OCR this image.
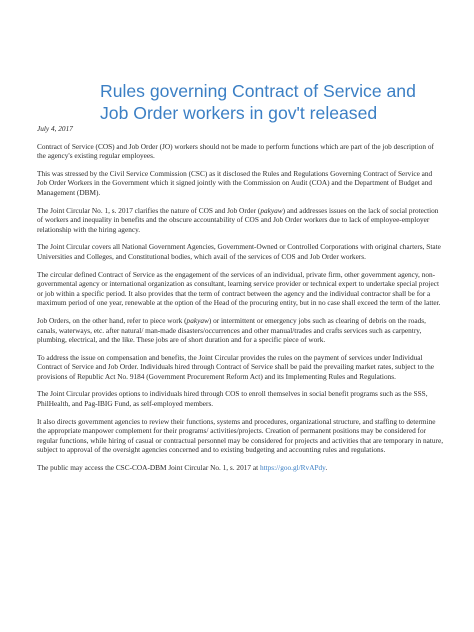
Rules governing Contract of Service and Job Order workers in gov't released

July 4, 2017

Contract of Service (COS) and Job Order (JO) workers should not be made to perform functions which are part of the job description of the agency's existing regular employees.

This was stressed by the Civil Service Commission (CSC) as it disclosed the Rules and Regulations Governing Contract of Service and Job Order Workers in the Government which it signed jointly with the Commission on Audit (COA) and the Department of Budget and Management (DBM).

The Joint Circular No. 1, s. 2017 clarifies the nature of COS and Job Order (pakyaw) and addresses issues on the lack of social protection of workers and inequality in benefits and the obscure accountability of COS and Job Order workers due to lack of employee-employer relationship with the hiring agency.

The Joint Circular covers all National Government Agencies, Government-Owned or Controlled Corporations with original charters, State Universities and Colleges, and Constitutional bodies, which avail of the services of COS and Job Order workers.

The circular defined Contract of Service as the engagement of the services of an individual, private firm, other government agency, non-governmental agency or international organization as consultant, learning service provider or technical expert to undertake special project or job within a specific period. It also provides that the term of contract between the agency and the individual contractor shall be for a maximum period of one year, renewable at the option of the Head of the procuring entity, but in no case shall exceed the term of the latter.

Job Orders, on the other hand, refer to piece work (pakyaw) or intermittent or emergency jobs such as clearing of debris on the roads, canals, waterways, etc. after natural/ man-made disasters/occurrences and other manual/trades and crafts services such as carpentry, plumbing, electrical, and the like. These jobs are of short duration and for a specific piece of work.

To address the issue on compensation and benefits, the Joint Circular provides the rules on the payment of services under Individual Contract of Service and Job Order. Individuals hired through Contract of Service shall be paid the prevailing market rates, subject to the provisions of Republic Act No. 9184 (Government Procurement Reform Act) and its Implementing Rules and Regulations.

The Joint Circular provides options to individuals hired through COS to enroll themselves in social benefit programs such as the SSS, PhilHealth, and Pag-IBIG Fund, as self-employed members.

It also directs government agencies to review their functions, systems and procedures, organizational structure, and staffing to determine the appropriate manpower complement for their programs/ activities/projects. Creation of permanent positions may be considered for regular functions, while hiring of casual or contractual personnel may be considered for projects and activities that are temporary in nature, subject to approval of the oversight agencies concerned and to existing budgeting and accounting rules and regulations.

The public may access the CSC-COA-DBM Joint Circular No. 1, s. 2017 at https://goo.gl/RvAPdy.
